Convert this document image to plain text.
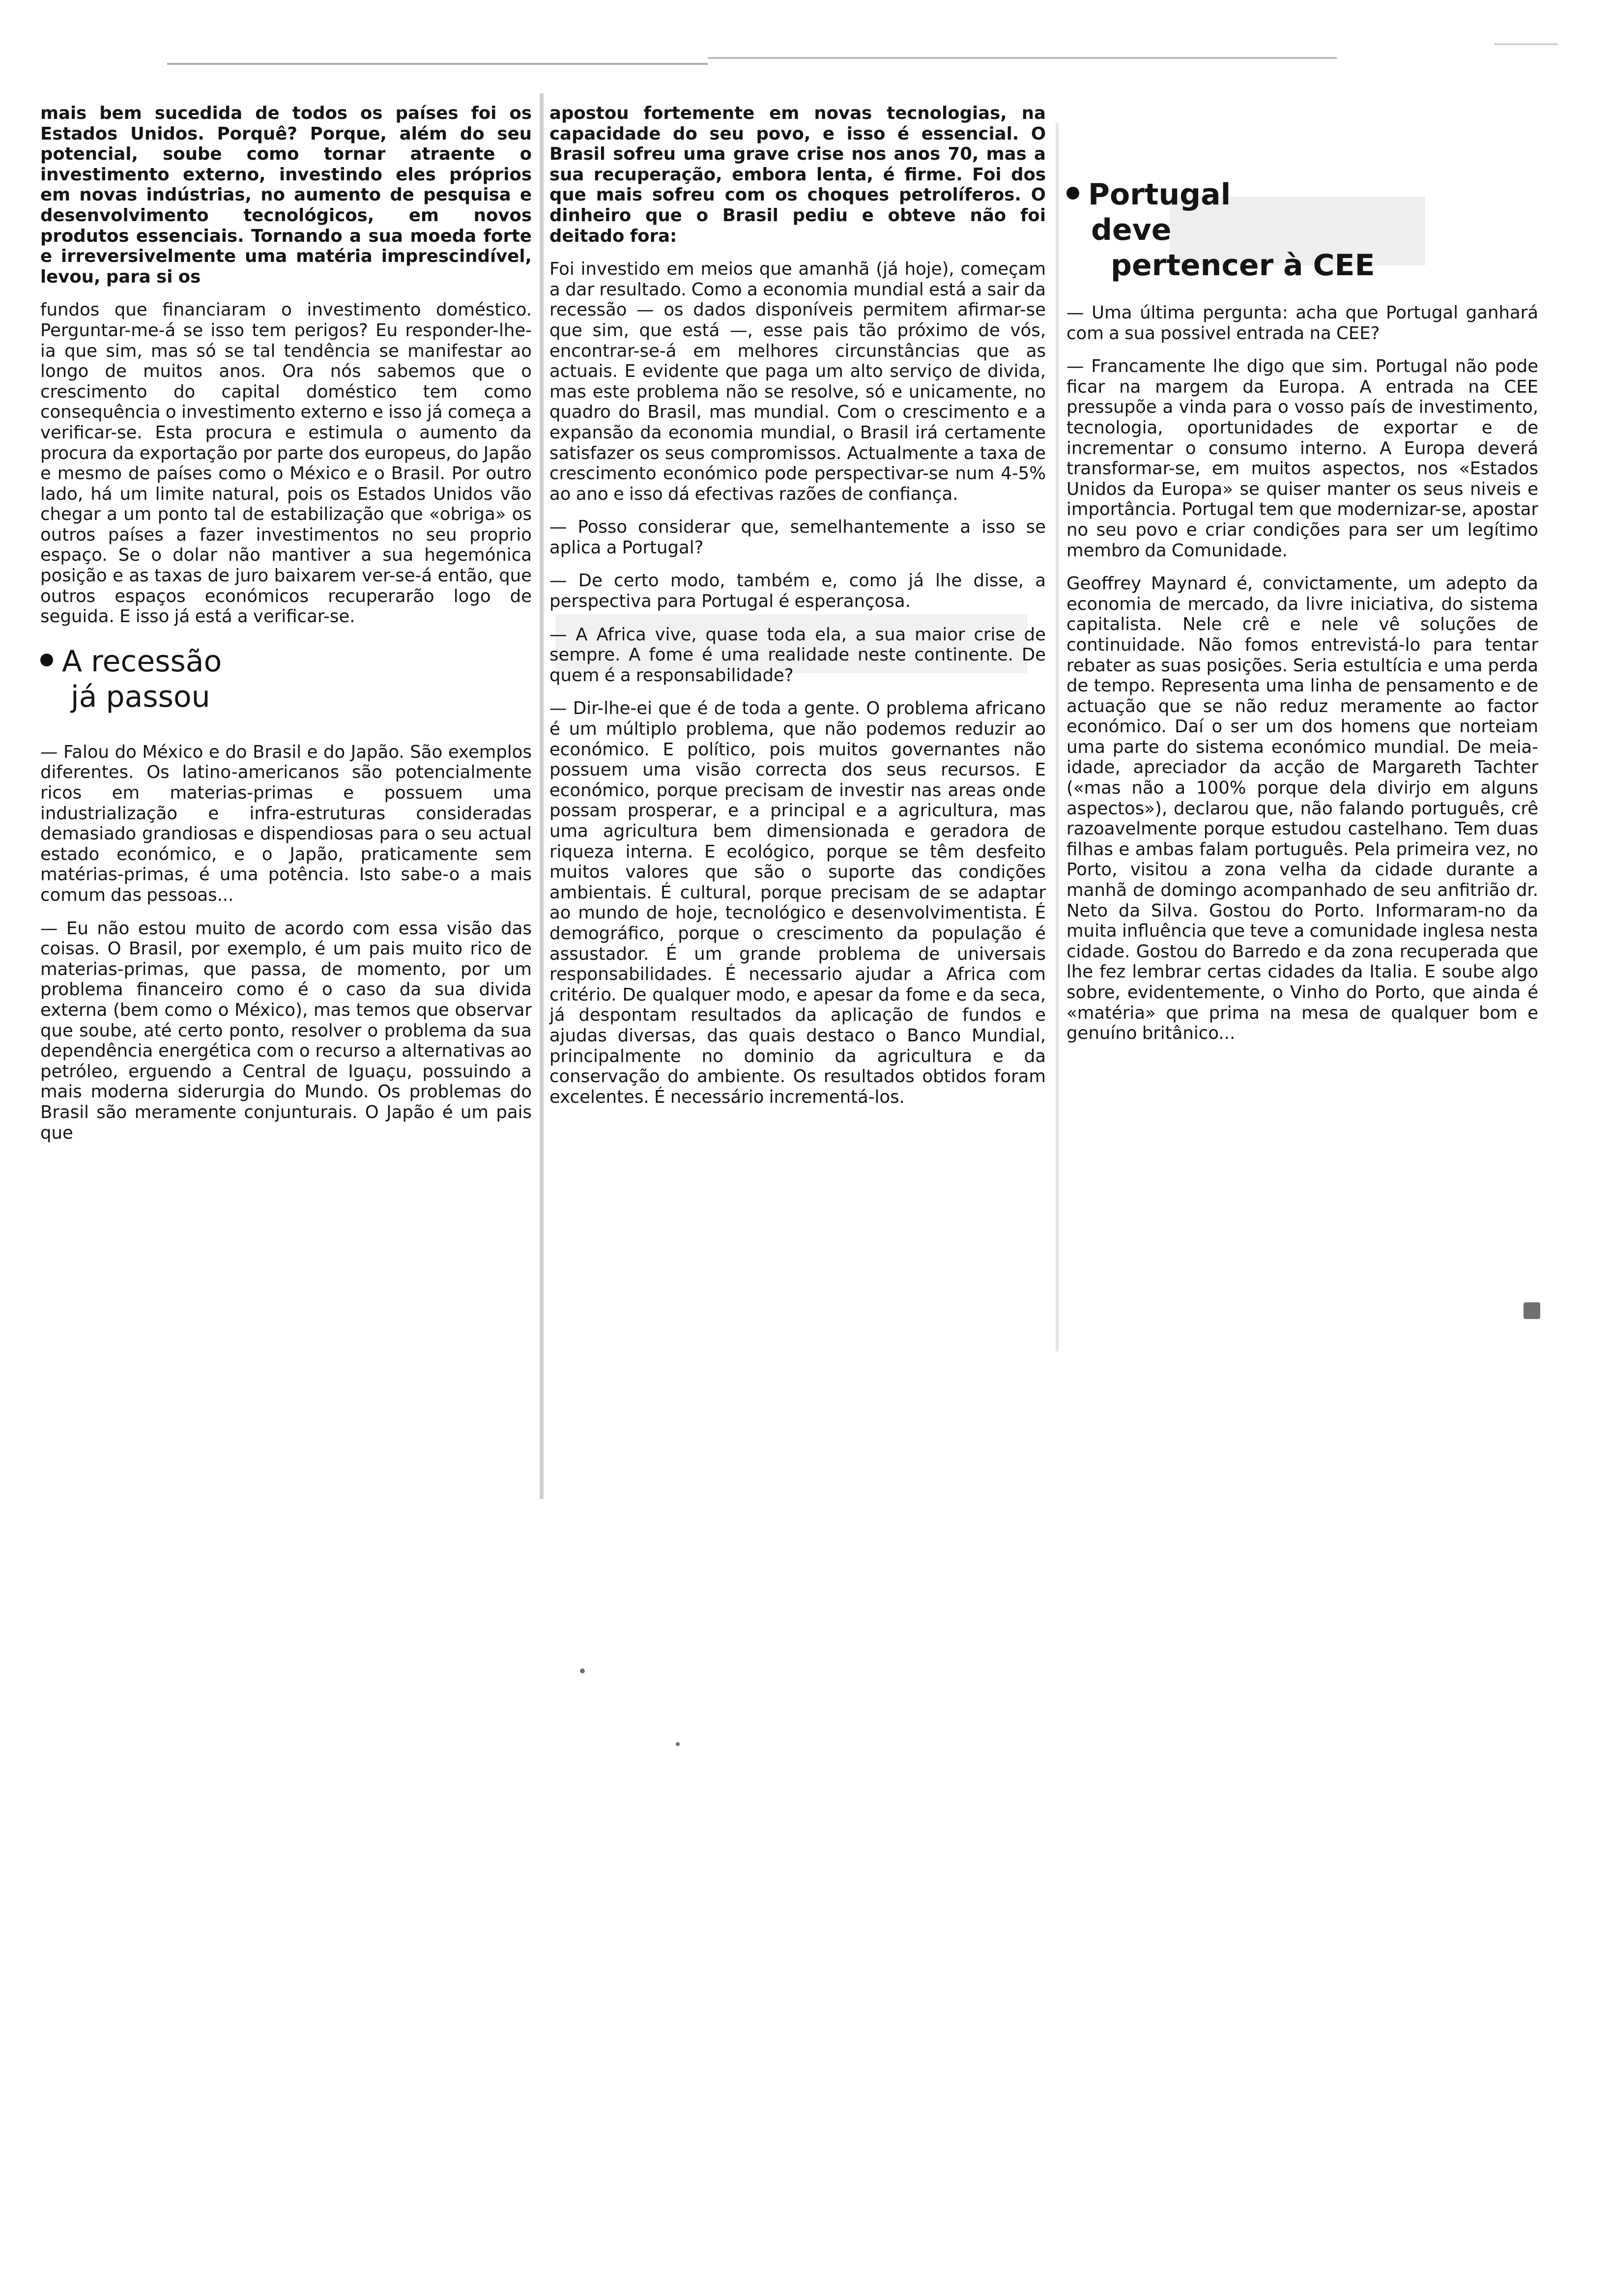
mais bem sucedida de todos os países foi os Estados Unidos. Porquê? Porque, além do seu potencial, soube como tornar atraente o investimento externo, investindo eles próprios em novas indústrias, no aumento de pesquisa e desenvolvimento tecnológicos, em novos produtos essenciais. Tornando a sua moeda forte e irreversivelmente uma matéria imprescindível, levou, para si os

fundos que financiaram o investimento doméstico. Perguntar-me-á se isso tem perigos? Eu responder-lhe-ia que sim, mas só se tal tendência se manifestar ao longo de muitos anos. Ora nós sabemos que o crescimento do capital doméstico tem como consequência o investimento externo e isso já começa a verificar-se. Esta procura e estimula o aumento da procura da exportação por parte dos europeus, do Japão e mesmo de países como o México e o Brasil. Por outro lado, há um limite natural, pois os Estados Unidos vão chegar a um ponto tal de estabilização que «obriga» os outros países a fazer investimentos no seu proprio espaço. Se o dolar não mantiver a sua hegemónica posição e as taxas de juro baixarem ver-se-á então, que outros espaços económicos recuperarão logo de seguida. E isso já está a verificar-se.

A recessão
já passou

— Falou do México e do Brasil e do Japão. São exemplos diferentes. Os latino-americanos são potencialmente ricos em materias-primas e possuem uma industrialização e infra-estruturas consideradas demasiado grandiosas e dispendiosas para o seu actual estado económico, e o Japão, praticamente sem matérias-primas, é uma potência. Isto sabe-o a mais comum das pessoas...

— Eu não estou muito de acordo com essa visão das coisas. O Brasil, por exemplo, é um pais muito rico de materias-primas, que passa, de momento, por um problema financeiro como é o caso da sua divida externa (bem como o México), mas temos que observar que soube, até certo ponto, resolver o problema da sua dependência energética com o recurso a alternativas ao petróleo, erguendo a Central de Iguaçu, possuindo a mais moderna siderurgia do Mundo. Os problemas do Brasil são meramente conjunturais. O Japão é um pais que

apostou fortemente em novas tecnologias, na capacidade do seu povo, e isso é essencial. O Brasil sofreu uma grave crise nos anos 70, mas a sua recuperação, embora lenta, é firme. Foi dos que mais sofreu com os choques petrolíferos. O dinheiro que o Brasil pediu e obteve não foi deitado fora:

Foi investido em meios que amanhã (já hoje), começam a dar resultado. Como a economia mundial está a sair da recessão — os dados disponíveis permitem afirmar-se que sim, que está —, esse pais tão próximo de vós, encontrar-se-á em melhores circunstâncias que as actuais. E evidente que paga um alto serviço de divida, mas este problema não se resolve, só e unicamente, no quadro do Brasil, mas mundial. Com o crescimento e a expansão da economia mundial, o Brasil irá certamente satisfazer os seus compromissos. Actualmente a taxa de crescimento económico pode perspectivar-se num 4-5% ao ano e isso dá efectivas razões de confiança.

— Posso considerar que, semelhantemente a isso se aplica a Portugal?

— De certo modo, também e, como já lhe disse, a perspectiva para Portugal é esperançosa.

— A Africa vive, quase toda ela, a sua maior crise de sempre. A fome é uma realidade neste continente. De quem é a responsabilidade?

— Dir-lhe-ei que é de toda a gente. O problema africano é um múltiplo problema, que não podemos reduzir ao económico. E político, pois muitos governantes não possuem uma visão correcta dos seus recursos. E económico, porque precisam de investir nas areas onde possam prosperar, e a principal e a agricultura, mas uma agricultura bem dimensionada e geradora de riqueza interna. E ecológico, porque se têm desfeito muitos valores que são o suporte das condições ambientais. É cultural, porque precisam de se adaptar ao mundo de hoje, tecnológico e desenvolvimentista. É demográfico, porque o crescimento da população é assustador. É um grande problema de universais responsabilidades. É necessario ajudar a Africa com critério. De qualquer modo, e apesar da fome e da seca, já despontam resultados da aplicação de fundos e ajudas diversas, das quais destaco o Banco Mundial, principalmente no dominio da agricultura e da conservação do ambiente. Os resultados obtidos foram excelentes. É necessário incrementá-los.

Portugal
deve
pertencer à CEE

— Uma última pergunta: acha que Portugal ganhará com a sua possivel entrada na CEE?

— Francamente lhe digo que sim. Portugal não pode ficar na margem da Europa. A entrada na CEE pressupõe a vinda para o vosso país de investimento, tecnologia, oportunidades de exportar e de incrementar o consumo interno. A Europa deverá transformar-se, em muitos aspectos, nos «Estados Unidos da Europa» se quiser manter os seus niveis e importância. Portugal tem que modernizar-se, apostar no seu povo e criar condições para ser um legítimo membro da Comunidade.

Geoffrey Maynard é, convictamente, um adepto da economia de mercado, da livre iniciativa, do sistema capitalista. Nele crê e nele vê soluções de continuidade. Não fomos entrevistá-lo para tentar rebater as suas posições. Seria estultícia e uma perda de tempo. Representa uma linha de pensamento e de actuação que se não reduz meramente ao factor económico. Daí o ser um dos homens que norteiam uma parte do sistema económico mundial. De meia-idade, apreciador da acção de Margareth Tachter («mas não a 100% porque dela divirjo em alguns aspectos»), declarou que, não falando português, crê razoavelmente porque estudou castelhano. Tem duas filhas e ambas falam português. Pela primeira vez, no Porto, visitou a zona velha da cidade durante a manhã de domingo acompanhado de seu anfitrião dr. Neto da Silva. Gostou do Porto. Informaram-no da muita influência que teve a comunidade inglesa nesta cidade. Gostou do Barredo e da zona recuperada que lhe fez lembrar certas cidades da Italia. E soube algo sobre, evidentemente, o Vinho do Porto, que ainda é «matéria» que prima na mesa de qualquer bom e genuíno britânico...
